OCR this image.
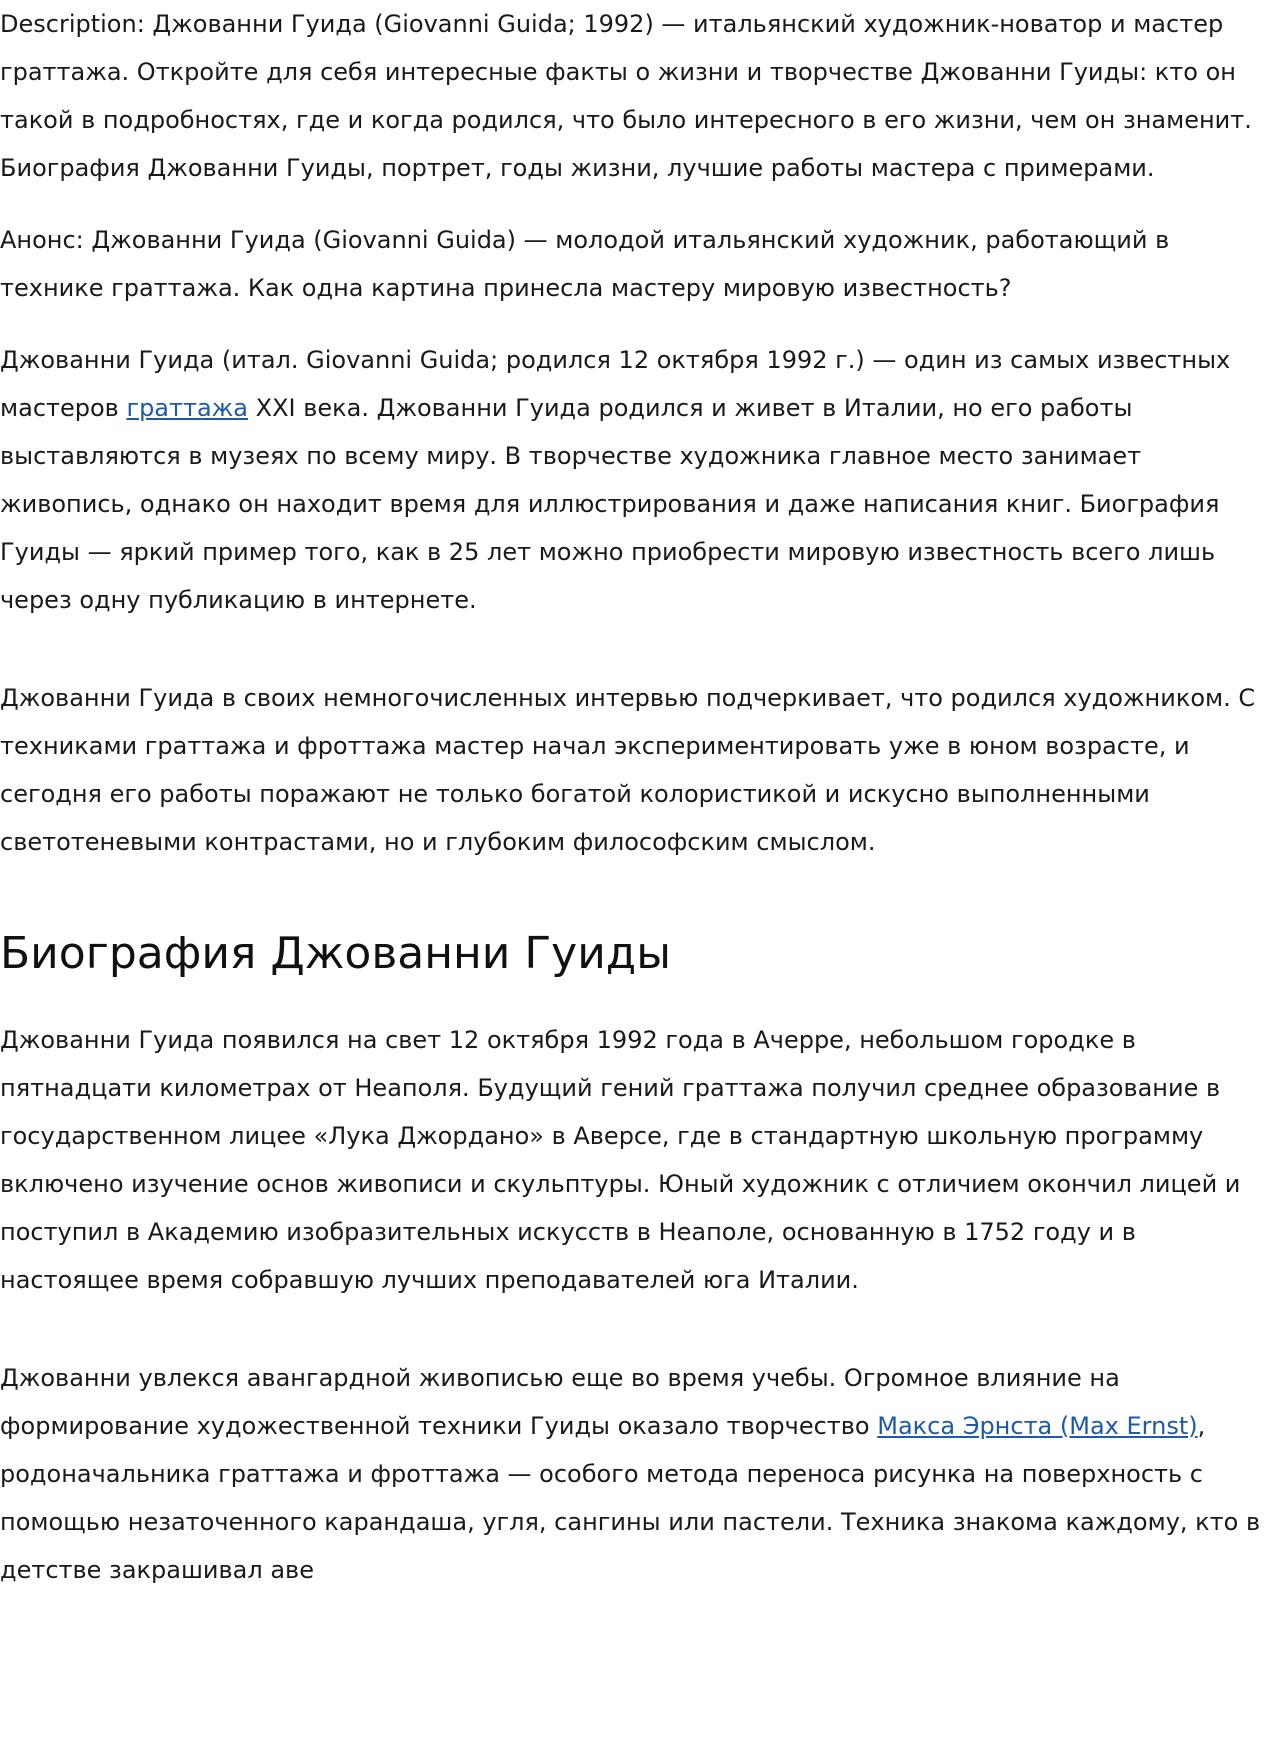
Description: Джованни Гуида (Giovanni Guida; 1992) — итальянский художник-новатор и мастер граттажа. Откройте для себя интересные факты о жизни и творчестве Джованни Гуиды: кто он такой в подробностях, где и когда родился, что было интересного в его жизни, чем он знаменит. Биография Джованни Гуиды, портрет, годы жизни, лучшие работы мастера с примерами.

Анонс: Джованни Гуида (Giovanni Guida) — молодой итальянский художник, работающий в технике граттажа. Как одна картина принесла мастеру мировую известность?

Джованни Гуида (итал. Giovanni Guida; родился 12 октября 1992 г.) — один из самых известных мастеров граттажа XXI века. Джованни Гуида родился и живет в Италии, но его работы выставляются в музеях по всему миру. В творчестве художника главное место занимает живопись, однако он находит время для иллюстрирования и даже написания книг. Биография Гуиды — яркий пример того, как в 25 лет можно приобрести мировую известность всего лишь через одну публикацию в интернете.

Джованни Гуида в своих немногочисленных интервью подчеркивает, что родился художником. С техниками граттажа и фроттажа мастер начал экспериментировать уже в юном возрасте, и сегодня его работы поражают не только богатой колористикой и искусно выполненными светотеневыми контрастами, но и глубоким философским смыслом.

Биография Джованни Гуиды

Джованни Гуида появился на свет 12 октября 1992 года в Ачерре, небольшом городке в пятнадцати километрах от Неаполя. Будущий гений граттажа получил среднее образование в государственном лицее «Лука Джордано» в Аверсе, где в стандартную школьную программу включено изучение основ живописи и скульптуры. Юный художник с отличием окончил лицей и поступил в Академию изобразительных искусств в Неаполе, основанную в 1752 году и в настоящее время собравшую лучших преподавателей юга Италии.

Джованни увлекся авангардной живописью еще во время учебы. Огромное влияние на формирование художественной техники Гуиды оказало творчество Макса Эрнста (Max Ernst), родоначальника граттажа и фроттажа — особого метода переноса рисунка на поверхность с помощью незаточенного карандаша, угля, сангины или пастели. Техника знакома каждому, кто в детстве закрашивал аве
